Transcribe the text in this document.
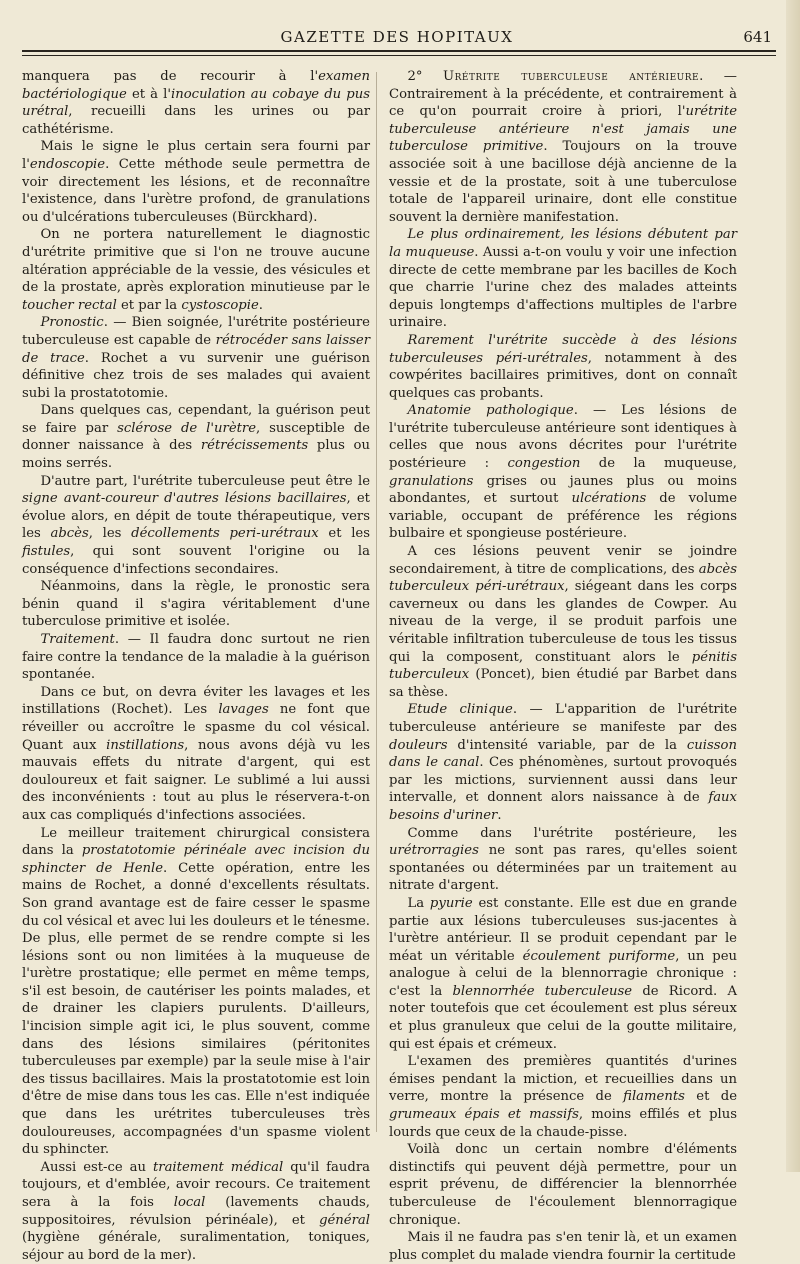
GAZETTE DES HOPITAUX	641

manquera pas de recourir à l'examen bactériologique et à l'inoculation au cobaye du pus urétral, recueilli dans les urines ou par cathétérisme.

Mais le signe le plus certain sera fourni par l'endoscopie. Cette méthode seule permettra de voir directement les lésions, et de reconnaître l'existence, dans l'urètre profond, de granulations ou d'ulcérations tuberculeuses (Bürckhard).

On ne portera naturellement le diagnostic d'urétrite primitive que si l'on ne trouve aucune altération appréciable de la vessie, des vésicules et de la prostate, après exploration minutieuse par le toucher rectal et par la cystoscopie.

Pronostic. — Bien soignée, l'urétrite postérieure tuberculeuse est capable de rétrocéder sans laisser de trace. Rochet a vu survenir une guérison définitive chez trois de ses malades qui avaient subi la prostatotomie.

Dans quelques cas, cependant, la guérison peut se faire par sclérose de l'urètre, susceptible de donner naissance à des rétrécissements plus ou moins serrés.

D'autre part, l'urétrite tuberculeuse peut être le signe avant-coureur d'autres lésions bacillaires, et évolue alors, en dépit de toute thérapeutique, vers les abcès, les décollements peri-urétraux et les fistules, qui sont souvent l'origine ou la conséquence d'infections secondaires.

Néanmoins, dans la règle, le pronostic sera bénin quand il s'agira véritablement d'une tuberculose primitive et isolée.

Traitement. — Il faudra donc surtout ne rien faire contre la tendance de la maladie à la guérison spontanée.

Dans ce but, on devra éviter les lavages et les instillations (Rochet). Les lavages ne font que réveiller ou accroître le spasme du col vésical. Quant aux instillations, nous avons déjà vu les mauvais effets du nitrate d'argent, qui est douloureux et fait saigner. Le sublimé a lui aussi des inconvénients : tout au plus le réservera-t-on aux cas compliqués d'infections associées.

Le meilleur traitement chirurgical consistera dans la prostatotomie périnéale avec incision du sphincter de Henle. Cette opération, entre les mains de Rochet, a donné d'excellents résultats. Son grand avantage est de faire cesser le spasme du col vésical et avec lui les douleurs et le ténesme. De plus, elle permet de se rendre compte si les lésions sont ou non limitées à la muqueuse de l'urètre prostatique; elle permet en même temps, s'il est besoin, de cautériser les points malades, et de drainer les clapiers purulents. D'ailleurs, l'incision simple agit ici, le plus souvent, comme dans des lésions similaires (péritonites tuberculeuses par exemple) par la seule mise à l'air des tissus bacillaires. Mais la prostatotomie est loin d'être de mise dans tous les cas. Elle n'est indiquée que dans les urétrites tuberculeuses très douloureuses, accompagnées d'un spasme violent du sphincter.

Aussi est-ce au traitement médical qu'il faudra toujours, et d'emblée, avoir recours. Ce traitement sera à la fois local (lavements chauds, suppositoires, révulsion périnéale), et général (hygiène générale, suralimentation, toniques, séjour au bord de la mer).

2° Urétrite tuberculeuse antérieure. — Contrairement à la précédente, et contrairement à ce qu'on pourrait croire à priori, l'urétrite tuberculeuse antérieure n'est jamais une tuberculose primitive. Toujours on la trouve associée soit à une bacillose déjà ancienne de la vessie et de la prostate, soit à une tuberculose totale de l'appareil urinaire, dont elle constitue souvent la dernière manifestation.

Le plus ordinairement, les lésions débutent par la muqueuse. Aussi a-t-on voulu y voir une infection directe de cette membrane par les bacilles de Koch que charrie l'urine chez des malades atteints depuis longtemps d'affections multiples de l'arbre urinaire.

Rarement l'urétrite succède à des lésions tuberculeuses péri-urétrales, notamment à des cowpérites bacillaires primitives, dont on connaît quelques cas probants.

Anatomie pathologique. — Les lésions de l'urétrite tuberculeuse antérieure sont identiques à celles que nous avons décrites pour l'urétrite postérieure : congestion de la muqueuse, granulations grises ou jaunes plus ou moins abondantes, et surtout ulcérations de volume variable, occupant de préférence les régions bulbaire et spongieuse postérieure.

A ces lésions peuvent venir se joindre secondairement, à titre de complications, des abcès tuberculeux péri-urétraux, siégeant dans les corps caverneux ou dans les glandes de Cowper. Au niveau de la verge, il se produit parfois une véritable infiltration tuberculeuse de tous les tissus qui la composent, constituant alors le pénitis tuberculeux (Poncet), bien étudié par Barbet dans sa thèse.

Etude clinique. — L'apparition de l'urétrite tuberculeuse antérieure se manifeste par des douleurs d'intensité variable, par de la cuisson dans le canal. Ces phénomènes, surtout provoqués par les mictions, surviennent aussi dans leur intervalle, et donnent alors naissance à de faux besoins d'uriner.

Comme dans l'urétrite postérieure, les urétrorragies ne sont pas rares, qu'elles soient spontanées ou déterminées par un traitement au nitrate d'argent.

La pyurie est constante. Elle est due en grande partie aux lésions tuberculeuses sus-jacentes à l'urètre antérieur. Il se produit cependant par le méat un véritable écoulement puriforme, un peu analogue à celui de la blennorragie chronique : c'est la blennorrhée tuberculeuse de Ricord. A noter toutefois que cet écoulement est plus séreux et plus granuleux que celui de la goutte militaire, qui est épais et crémeux.

L'examen des premières quantités d'urines émises pendant la miction, et recueillies dans un verre, montre la présence de filaments et de grumeaux épais et massifs, moins effilés et plus lourds que ceux de la chaude-pisse.

Voilà donc un certain nombre d'éléments distinctifs qui peuvent déjà permettre, pour un esprit prévenu, de différencier la blennorrhée tuberculeuse de l'écoulement blennorragique chronique.

Mais il ne faudra pas s'en tenir là, et un examen plus complet du malade viendra fournir la certitude
